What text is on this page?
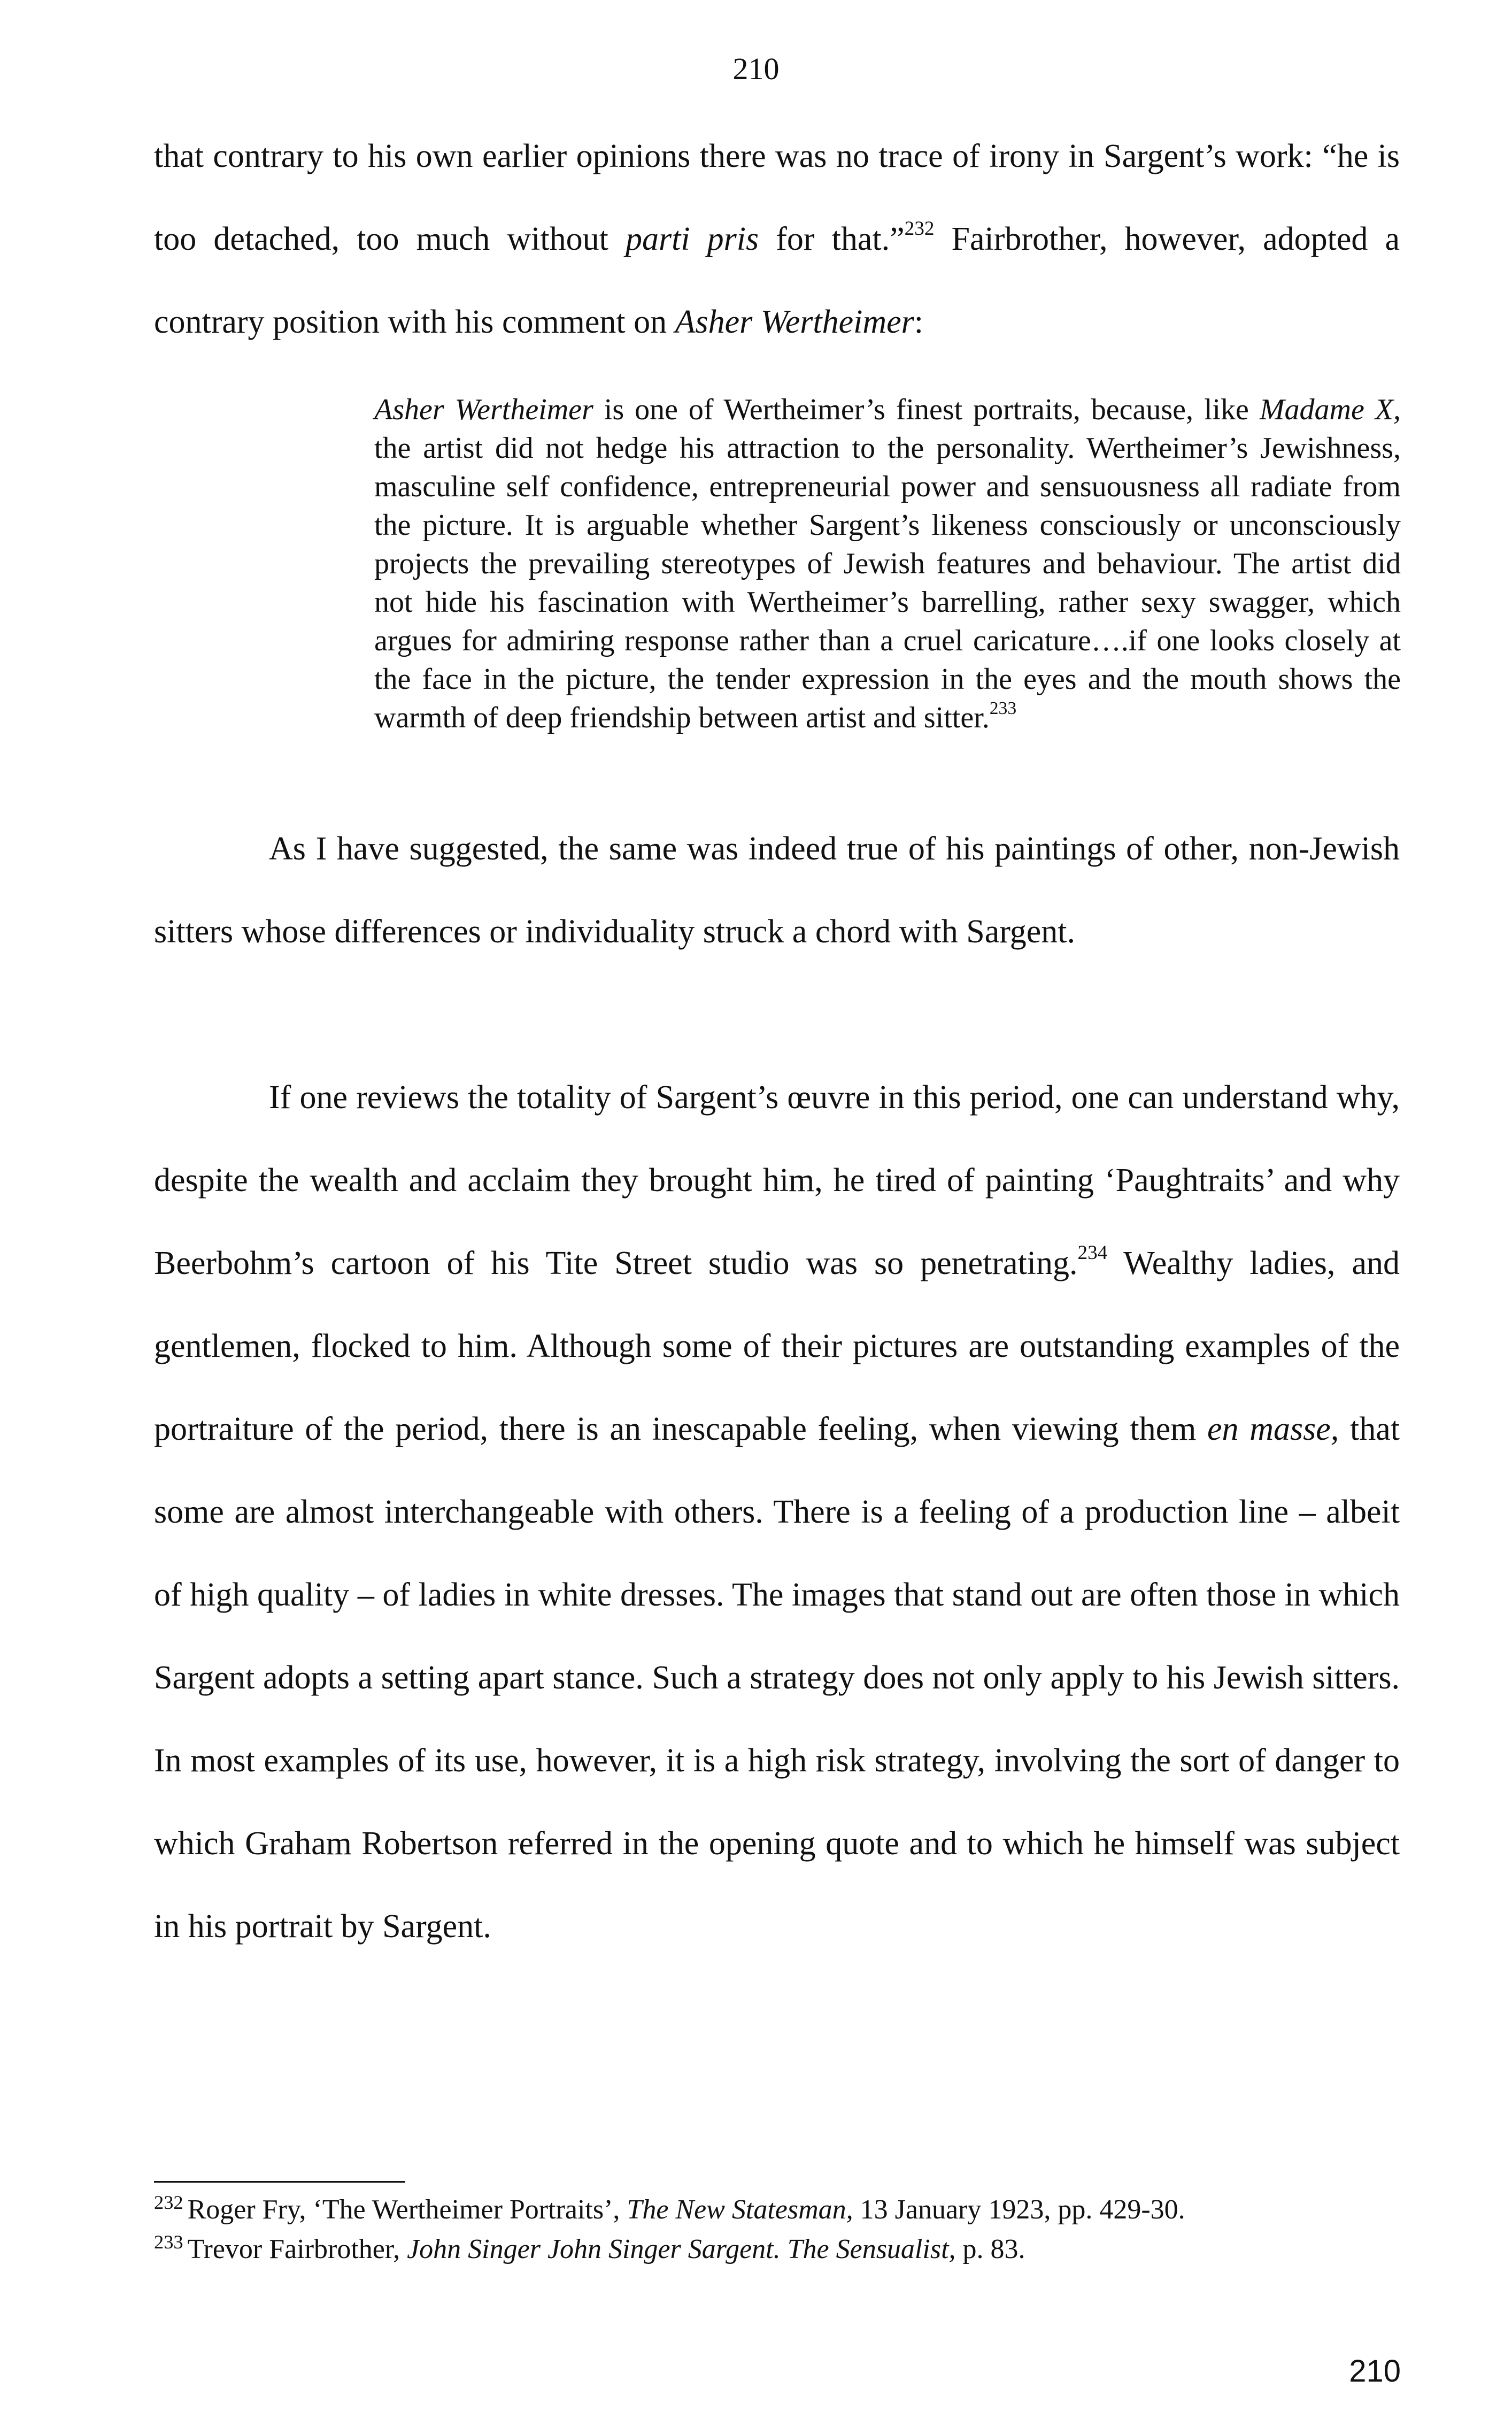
210

that contrary to his own earlier opinions there was no trace of irony in Sargent’s work: “he is too detached, too much without parti pris for that.”$^{232}$ Fairbrother, however, adopted a contrary position with his comment on Asher Wertheimer:

Asher Wertheimer is one of Wertheimer’s finest portraits, because, like Madame X, the artist did not hedge his attraction to the personality. Wertheimer’s Jewishness, masculine self confidence, entrepreneurial power and sensuousness all radiate from the picture. It is arguable whether Sargent’s likeness consciously or unconsciously projects the prevailing stereotypes of Jewish features and behaviour. The artist did not hide his fascination with Wertheimer’s barrelling, rather sexy swagger, which argues for admiring response rather than a cruel caricature….if one looks closely at the face in the picture, the tender expression in the eyes and the mouth shows the warmth of deep friendship between artist and sitter.$^{233}$

As I have suggested, the same was indeed true of his paintings of other, non-Jewish sitters whose differences or individuality struck a chord with Sargent.

If one reviews the totality of Sargent’s œuvre in this period, one can understand why, despite the wealth and acclaim they brought him, he tired of painting ‘Paughtraits’ and why Beerbohm’s cartoon of his Tite Street studio was so penetrating.$^{234}$ Wealthy ladies, and gentlemen, flocked to him. Although some of their pictures are outstanding examples of the portraiture of the period, there is an inescapable feeling, when viewing them en masse, that some are almost interchangeable with others. There is a feeling of a production line – albeit of high quality – of ladies in white dresses. The images that stand out are often those in which Sargent adopts a setting apart stance. Such a strategy does not only apply to his Jewish sitters. In most examples of its use, however, it is a high risk strategy, involving the sort of danger to which Graham Robertson referred in the opening quote and to which he himself was subject in his portrait by Sargent.

$^{232}$ Roger Fry, ‘The Wertheimer Portraits’, The New Statesman, 13 January 1923, pp. 429-30.

$^{233}$ Trevor Fairbrother, John Singer John Singer Sargent. The Sensualist, p. 83.

210
